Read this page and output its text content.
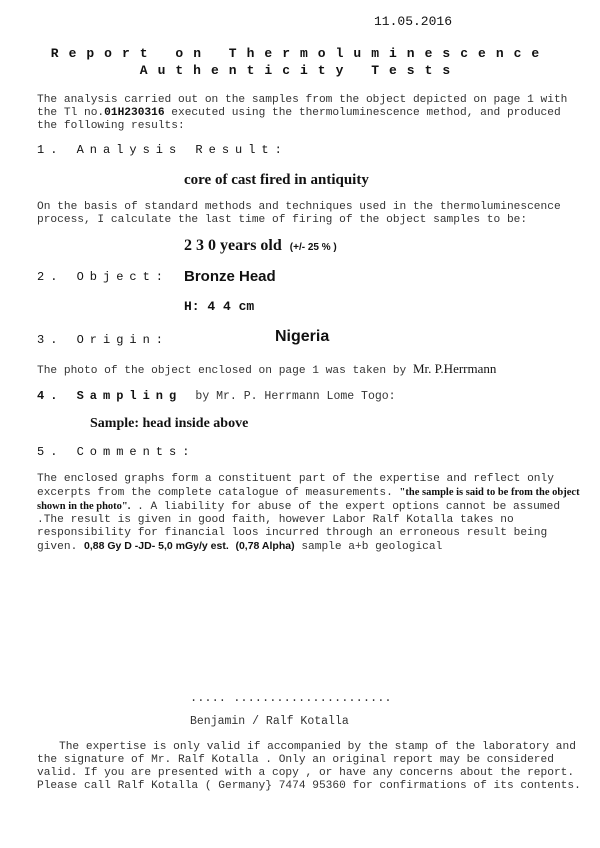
11.05.2016
Report on Thermoluminescence
Authenticity Tests
The analysis carried out on the samples from the object depicted on page 1 with the Tl no.01H230316 executed using the thermoluminescence method, and produced the following results:
1. Analysis Result:
core of cast fired in antiquity
On the basis of standard methods and techniques used in the thermoluminescence process, I calculate the last time of firing of the object samples to be:
2 3 0 years old (+/- 25 % )
2. Object: Bronze Head
H: 4 4 cm
3. Origin:	Nigeria
The photo of the object enclosed on page 1 was taken by Mr. P.Herrmann
4. Sampling by Mr. P. Herrmann Lome Togo:
Sample: head inside above
5. Comments:
The enclosed graphs form a constituent part of the expertise and reflect only excerpts from the complete catalogue of measurements. "the sample is said to be from the object shown in the photo". . A liability for abuse of the expert options cannot be assumed .The result is given in good faith, however Labor Ralf Kotalla takes no responsibility for financial loos incurred through an erroneous result being given. 0,88 Gy D -JD- 5,0 mGy/y est. (0,78 Alpha) sample a+b geological
..... ......................
Benjamin / Ralf Kotalla
The expertise is only valid if accompanied by the stamp of the laboratory and the signature of Mr. Ralf Kotalla . Only an original report may be considered valid. If you are presented with a copy , or have any concerns about the report. Please call Ralf Kotalla ( Germany} 7474 95360 for confirmations of its contents.
